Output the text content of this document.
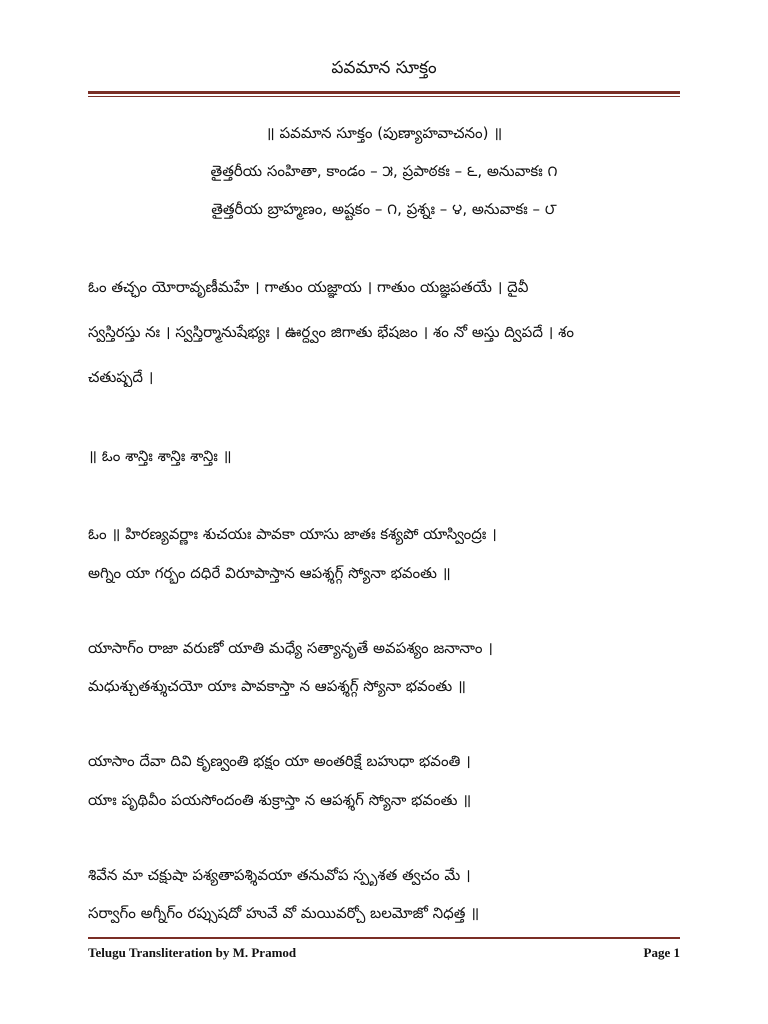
పవమాన సూక్తం
॥ పవమాన సూక్తం (పుణ్యాహవాచనం) ॥
తైత్తరీయ సంహితా, కాండం – ౫, ప్రపాఠకః – ౬, అనువాకః ౧
తైత్తరీయ బ్రాహ్మణం, అష్టకం – ౧, ప్రశ్నః – ౪, అనువాకః – ౮
ఓం తచ్ఛం యోరావృణీమహే । గాతుం యజ్ఞాయ । గాతుం యజ్ఞపతయే । దైవీ
స్వస్తిరస్తు నః । స్వస్తిర్మానుషేభ్యః । ఊర్ధ్వం జిగాతు భేషజం । శం నో అస్తు ద్విపదే । శం
చతుష్పదే ।
॥ ఓం శాన్తిః శాన్తిః శాన్తిః ॥
ఓం ॥ హిరణ్యవర్ణాః శుచయః పావకా యాసు జాతః కశ్యపో యాస్వింద్రః ।
అగ్నిం యా గర్భం దధిరే విరూపాస్తాన ఆపశ్శగ్గ్ స్యోనా భవంతు ॥
యాసాగ్ం రాజా వరుణో యాతి మధ్యే సత్యానృతే అవపశ్యం జనానాం ।
మధుశ్చుతశ్శుచయో యాః పావకాస్తా న ఆపశ్శగ్గ్ స్యోనా భవంతు ॥
యాసాం దేవా దివి కృణ్వంతి భక్షం యా అంతరిక్షే బహుధా భవంతి ।
యాః పృథివీం పయసోందంతి శుక్రాస్తా న ఆపశ్శగ్ స్యోనా భవంతు ॥
శివేన మా చక్షుషా పశ్యతాపశ్శివయా తనువోప స్పృశత త్వచం మే ।
సర్వాగ్ం అగ్నీగ్ం రప్సుషదో హువే వో మయివర్చో బలమోజో నిధత్త ॥
Telugu Transliteration by M. Pramod	Page 1
